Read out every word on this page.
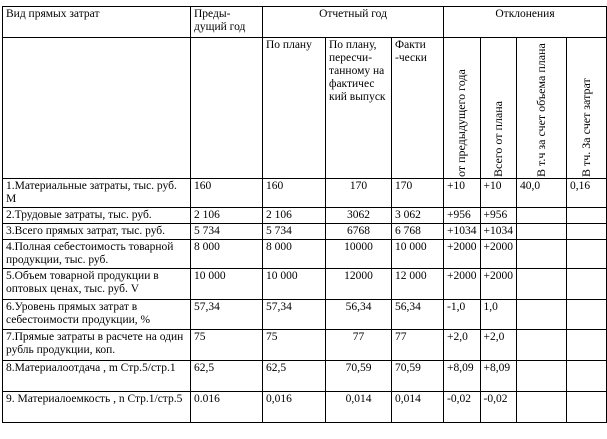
Вид прямых затрат	Преды-дущий год	Отчетный год			Отклонения			
		По плану	По плану, пересчи-танному на фактичес кий выпуск	Факти -чески	от предыдущего года	Всего от плана	В т.ч за счет объема плана	В тч. За счет затрат

1.Материальные затраты, тыс. руб. M	160	160	170	170	+10	+10	40,0	0,16
2.Трудовые затраты, тыс. руб.	2 106	2 106	3062	3 062	+956	+956		
3.Всего прямых затрат, тыс. руб.	5 734	5 734	6768	6 768	+1034	+1034		
4.Полная себестоимость товарной продукции, тыс. руб.	8 000	8 000	10000	10 000	+2000	+2000		
5.Объем товарной продукции в оптовых ценах, тыс. руб. V	10 000	10 000	12000	12 000	+2000	+2000		
6.Уровень прямых затрат в себестоимости продукции, %	57,34	57,34	56,34	56,34	-1,0	1,0		
7.Прямые затраты в расчете на один рубль продукции, коп.	75	75	77	77	+2,0	+2,0		
8.Материалоотдача , m Стр.5/стр.1	62,5	62,5	70,59	70,59	+8,09	+8,09		
9. Материалоемкость , n Стр.1/стр.5	0.016	0,016	0,014	0,014	-0,02	-0,02		
